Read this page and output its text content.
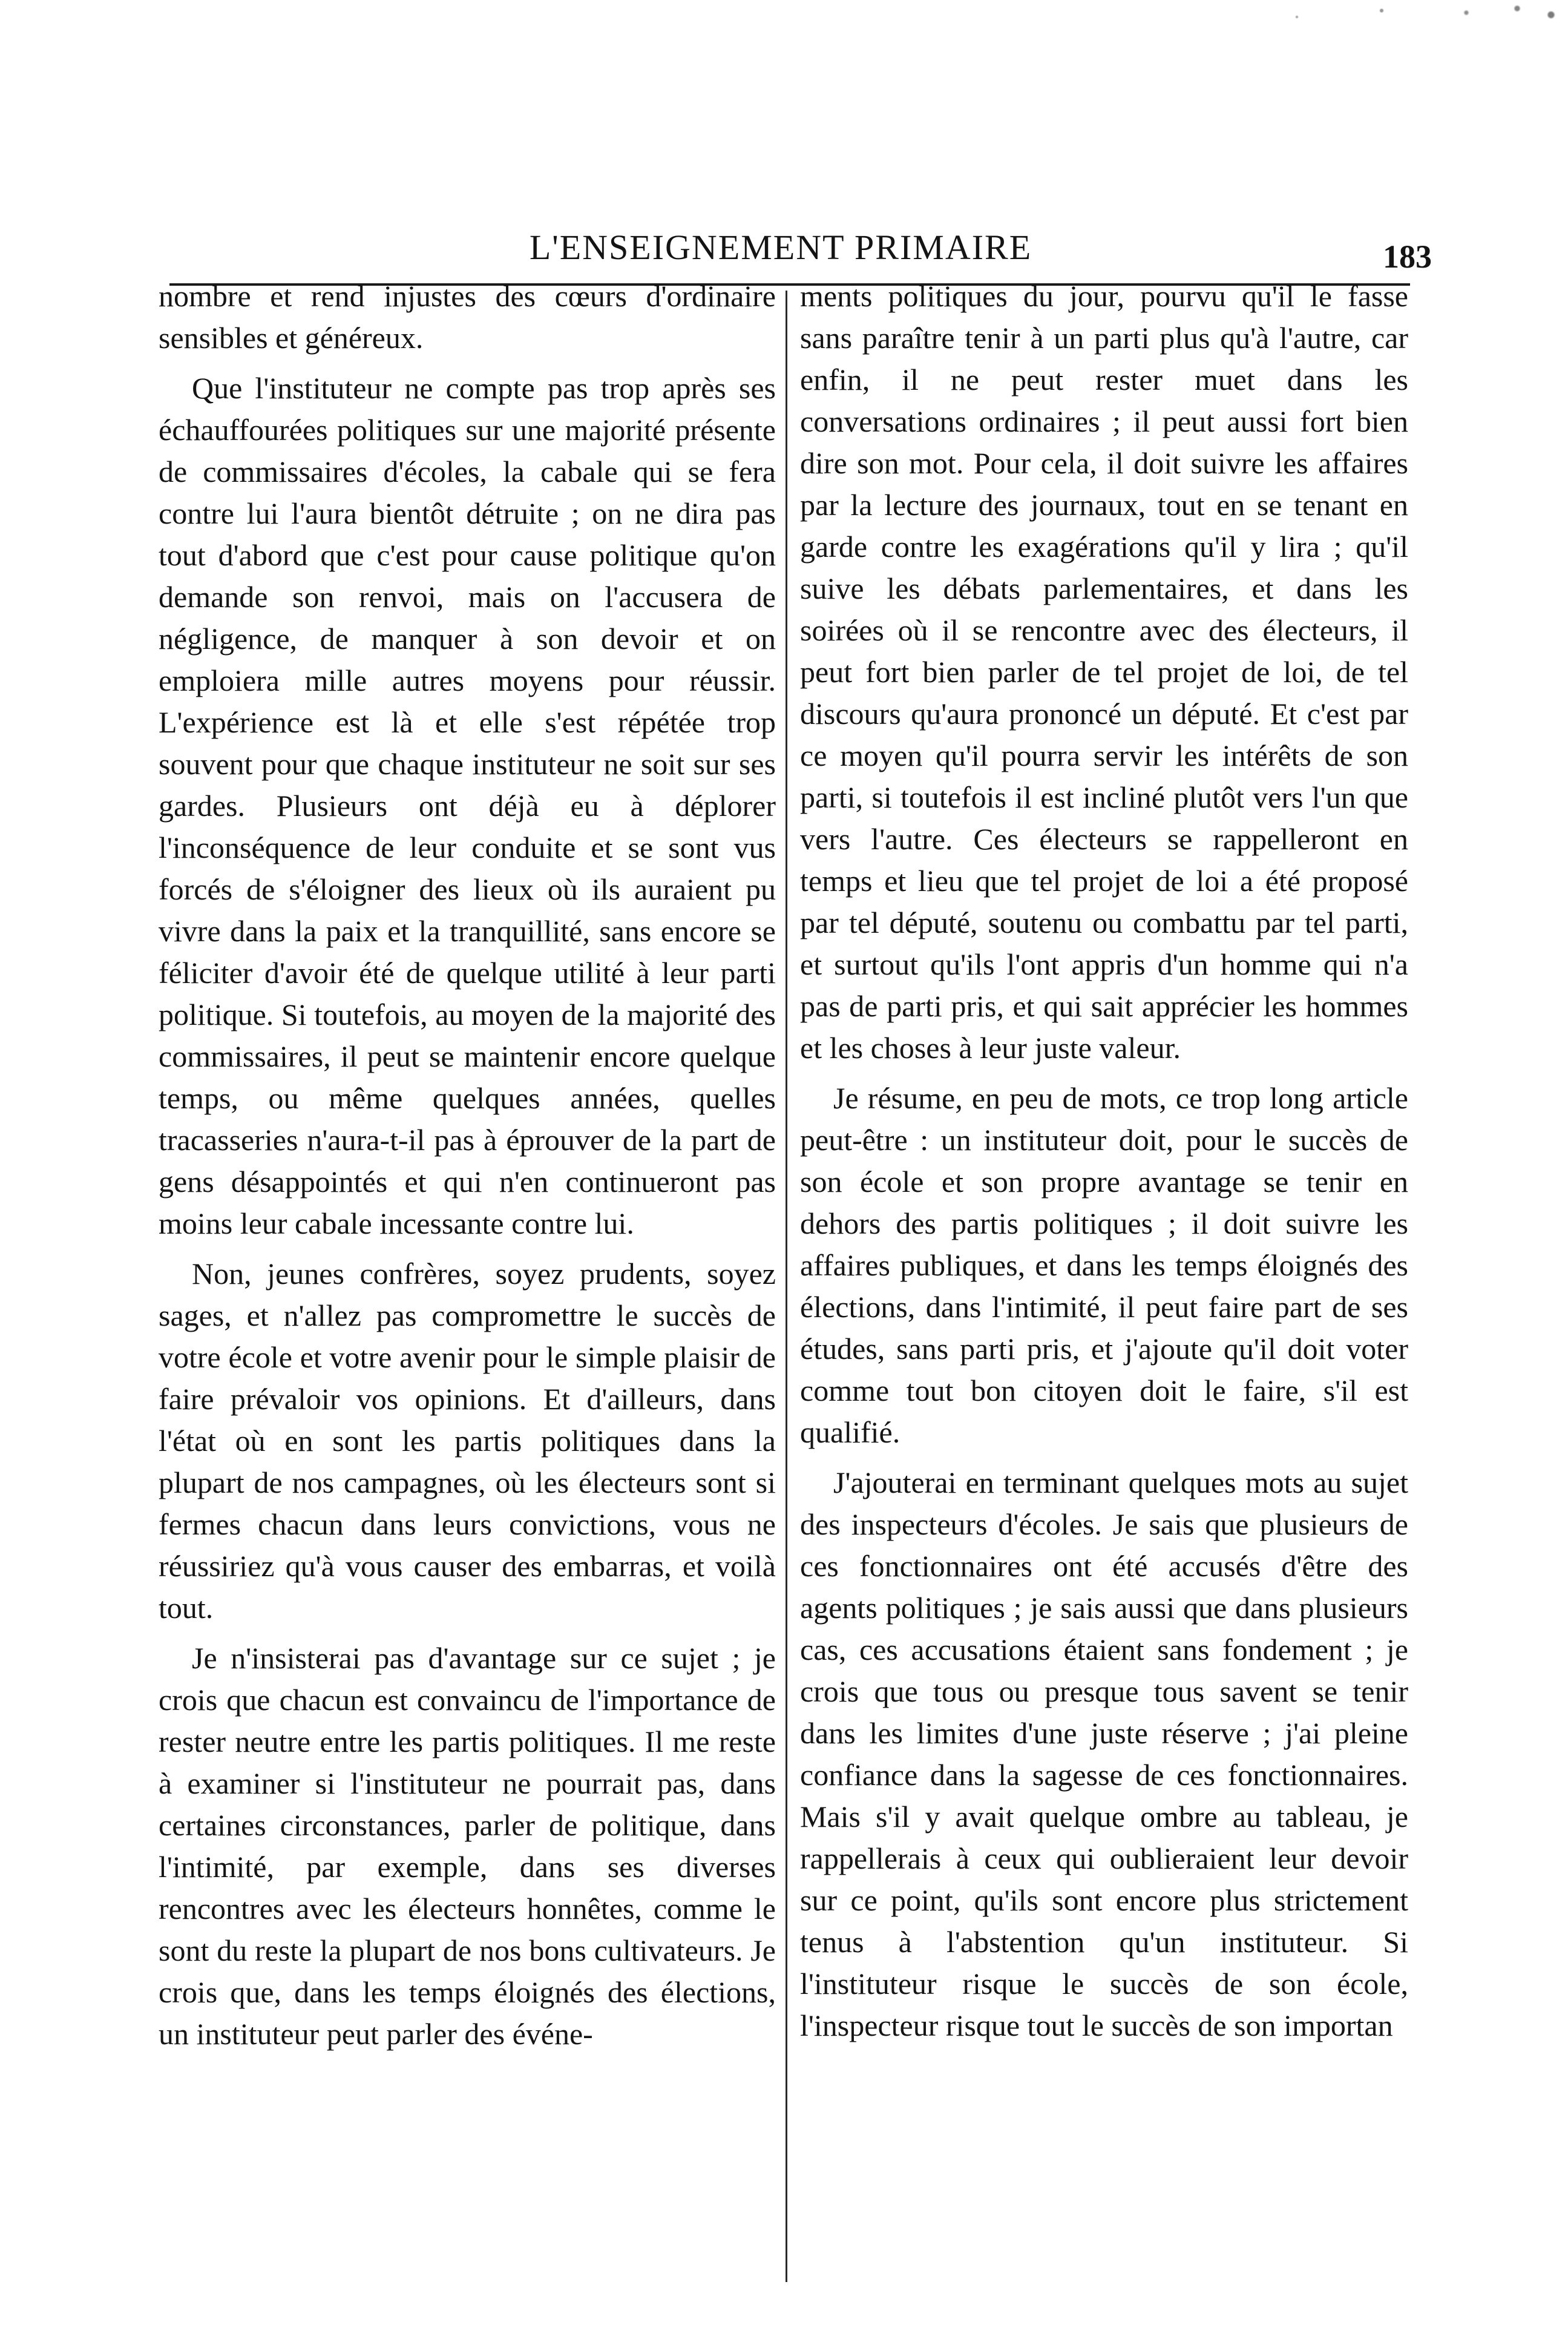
L'ENSEIGNEMENT PRIMAIRE	183

nombre et rend injustes des cœurs d'ordinaire sensibles et généreux.

Que l'instituteur ne compte pas trop après ses échauffourées politiques sur une majorité présente de commissaires d'écoles, la cabale qui se fera contre lui l'aura bientôt détruite ; on ne dira pas tout d'abord que c'est pour cause politique qu'on demande son renvoi, mais on l'accusera de négligence, de manquer à son devoir et on emploiera mille autres moyens pour réussir. L'expérience est là et elle s'est répétée trop souvent pour que chaque instituteur ne soit sur ses gardes. Plusieurs ont déjà eu à déplorer l'inconséquence de leur conduite et se sont vus forcés de s'éloigner des lieux où ils auraient pu vivre dans la paix et la tranquillité, sans encore se féliciter d'avoir été de quelque utilité à leur parti politique. Si toutefois, au moyen de la majorité des commissaires, il peut se maintenir encore quelque temps, ou même quelques années, quelles tracasseries n'aura-t-il pas à éprouver de la part de gens désappointés et qui n'en continueront pas moins leur cabale incessante contre lui.

Non, jeunes confrères, soyez prudents, soyez sages, et n'allez pas compromettre le succès de votre école et votre avenir pour le simple plaisir de faire prévaloir vos opinions. Et d'ailleurs, dans l'état où en sont les partis politiques dans la plupart de nos campagnes, où les électeurs sont si fermes chacun dans leurs convictions, vous ne réussiriez qu'à vous causer des embarras, et voilà tout.

Je n'insisterai pas d'avantage sur ce sujet ; je crois que chacun est convaincu de l'importance de rester neutre entre les partis politiques. Il me reste à examiner si l'instituteur ne pourrait pas, dans certaines circonstances, parler de politique, dans l'intimité, par exemple, dans ses diverses rencontres avec les électeurs honnêtes, comme le sont du reste la plupart de nos bons cultivateurs. Je crois que, dans les temps éloignés des élections, un instituteur peut parler des événe-

ments politiques du jour, pourvu qu'il le fasse sans paraître tenir à un parti plus qu'à l'autre, car enfin, il ne peut rester muet dans les conversations ordinaires ; il peut aussi fort bien dire son mot. Pour cela, il doit suivre les affaires par la lecture des journaux, tout en se tenant en garde contre les exagérations qu'il y lira ; qu'il suive les débats parlementaires, et dans les soirées où il se rencontre avec des électeurs, il peut fort bien parler de tel projet de loi, de tel discours qu'aura prononcé un député. Et c'est par ce moyen qu'il pourra servir les intérêts de son parti, si toutefois il est incliné plutôt vers l'un que vers l'autre. Ces électeurs se rappelleront en temps et lieu que tel projet de loi a été proposé par tel député, soutenu ou combattu par tel parti, et surtout qu'ils l'ont appris d'un homme qui n'a pas de parti pris, et qui sait apprécier les hommes et les choses à leur juste valeur.

Je résume, en peu de mots, ce trop long article peut-être : un instituteur doit, pour le succès de son école et son propre avantage se tenir en dehors des partis politiques ; il doit suivre les affaires publiques, et dans les temps éloignés des élections, dans l'intimité, il peut faire part de ses études, sans parti pris, et j'ajoute qu'il doit voter comme tout bon citoyen doit le faire, s'il est qualifié.

J'ajouterai en terminant quelques mots au sujet des inspecteurs d'écoles. Je sais que plusieurs de ces fonctionnaires ont été accusés d'être des agents politiques ; je sais aussi que dans plusieurs cas, ces accusations étaient sans fondement ; je crois que tous ou presque tous savent se tenir dans les limites d'une juste réserve ; j'ai pleine confiance dans la sagesse de ces fonctionnaires. Mais s'il y avait quelque ombre au tableau, je rappellerais à ceux qui oublieraient leur devoir sur ce point, qu'ils sont encore plus strictement tenus à l'abstention qu'un instituteur. Si l'instituteur risque le succès de son école, l'inspecteur risque tout le succès de son importan
